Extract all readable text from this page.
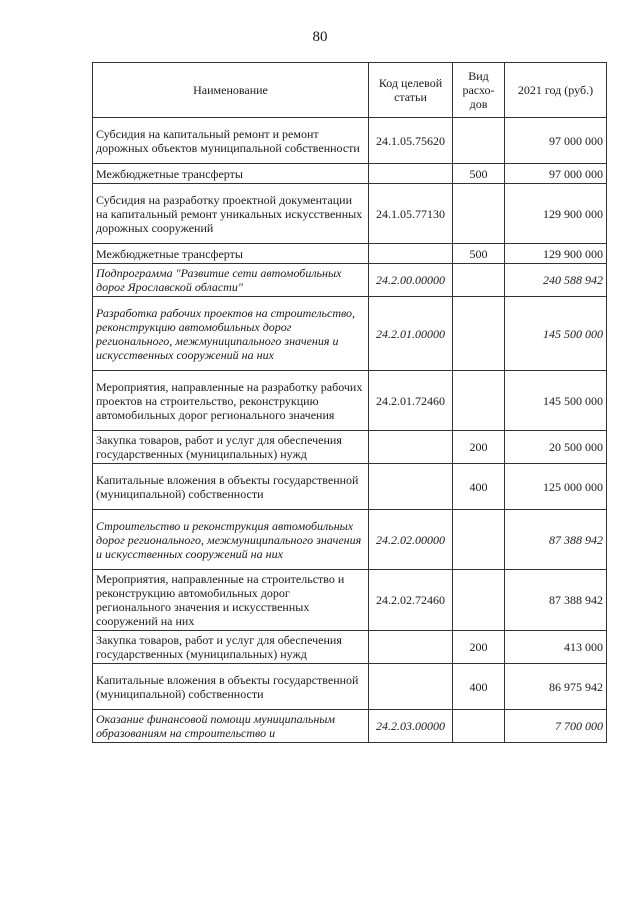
80
Наименование	Код целевой статьи	Вид расхо-дов	2021 год (руб.)
Субсидия на капитальный ремонт и ремонт дорожных объектов муниципальной собственности	24.1.05.75620		97 000 000
Межбюджетные трансферты		500	97 000 000
Субсидия на разработку проектной документации на капитальный ремонт уникальных искусственных дорожных сооружений	24.1.05.77130		129 900 000
Межбюджетные трансферты		500	129 900 000
Подпрограмма "Развитие сети автомобильных дорог Ярославской области"	24.2.00.00000		240 588 942
Разработка рабочих проектов на строительство, реконструкцию автомобильных дорог регионального, межмуниципального значения и искусственных сооружений на них	24.2.01.00000		145 500 000
Мероприятия, направленные на разработку рабочих проектов на строительство, реконструкцию автомобильных дорог регионального значения	24.2.01.72460		145 500 000
Закупка товаров, работ и услуг для обеспечения государственных (муниципальных) нужд		200	20 500 000
Капитальные вложения в объекты государственной (муниципальной) собственности		400	125 000 000
Строительство и реконструкция автомобильных дорог регионального, межмуниципального значения и искусственных сооружений на них	24.2.02.00000		87 388 942
Мероприятия, направленные на строительство и реконструкцию автомобильных дорог регионального значения и искусственных сооружений на них	24.2.02.72460		87 388 942
Закупка товаров, работ и услуг для обеспечения государственных (муниципальных) нужд		200	413 000
Капитальные вложения в объекты государственной (муниципальной) собственности		400	86 975 942
Оказание финансовой помощи муниципальным образованиям на строительство и	24.2.03.00000		7 700 000
